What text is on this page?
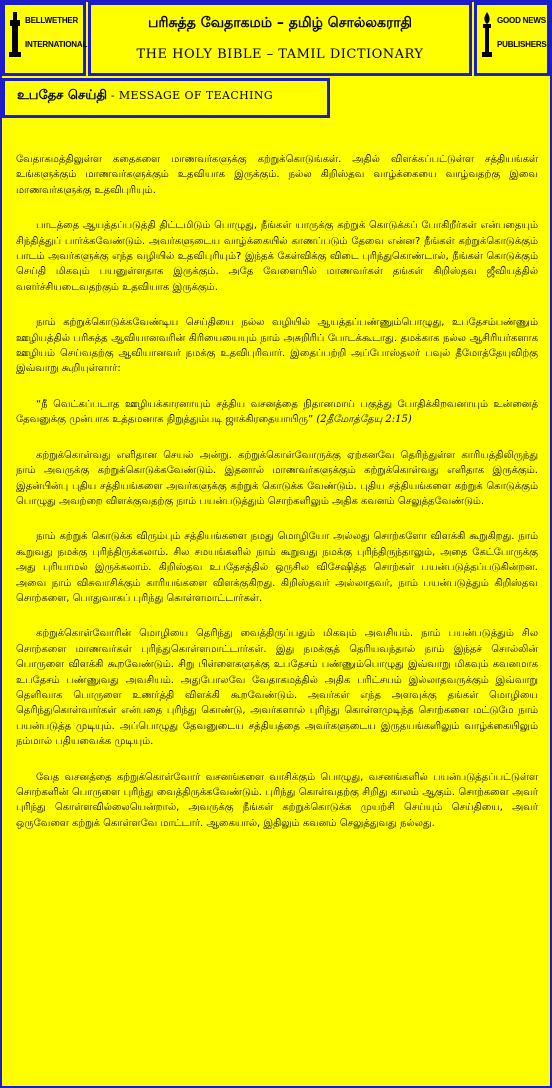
BELLWETHER
INTERNATIONAL
பரிசுத்த வேதாகமம் – தமிழ் சொல்லகராதி
THE HOLY BIBLE – TAMIL DICTIONARY
GOOD NEWS
PUBLISHERS
உபதேச செய்தி - MESSAGE OF TEACHING

வேதாகமத்திலுள்ள கதைகளை மாணவர்களுக்கு கற்றுக்கொடுங்கள். அதில் விளக்கப்பட்டுள்ள சத்தியங்கள் உங்களுக்கும் மாணவர்களுக்கும் உதவியாக இருக்கும். நல்ல கிறிஸ்தவ வாழ்க்கையை வாழ்வதற்கு இவை மாணவர்களுக்கு உதவிபுரியும்.

பாடத்தை ஆயத்தப்படுத்தி திட்டமிடும் பொழுது, நீங்கள் யாருக்கு கற்றுக் கொடுக்கப் போகிறீர்கள் என்பதையும் சிந்தித்துப் பார்க்கவேண்டும். அவர்களுடைய வாழ்க்கையில் காணப்படும் தேவை என்ன? நீங்கள் கற்றுக்கொடுக்கும் பாடம் அவர்களுக்கு எந்த வழியில் உதவிபுரியும்? இந்தக் கேள்விக்கு விடை புரிந்துகொண்டால், நீங்கள் கொடுக்கும் செய்தி மிகவும் பயனுள்ளதாக இருக்கும். அதே வேளையில் மாணவர்கள் தங்கள் கிறிஸ்தவ ஜீவியத்தில் வளர்ச்சியடைவதற்கும் உதவியாக இருக்கும்.

நாம் கற்றுக்கொடுக்கவேண்டிய செய்தியை நல்ல வழியில் ஆயத்தப்பண்ணும்பொழுது, உபதேசம்பண்ணும் ஊழியத்தில் பரிசுத்த ஆவியானவரின் கிரியையையும் நாம் அசுறிரிப் போடக்கூடாது. தமக்காக நல்ல ஆசிரியர்களாக ஊழியம் செய்வதற்கு ஆவியானவர் நமக்கு உதவிபுரிவார். இதைப்பற்றி அப்போஸ்தலர் பவுல் தீமோத்தேயுவிற்கு இவ்வாறு கூறியுள்ளார்:

“நீ வெட்கப்படாத ஊழியக்காரனாயும் சத்திய வசனத்தை நிதானமாய் பகுத்து போதிக்கிறவனாயும் உன்னைத் தேவனுக்கு முன்பாக உத்தமனாக நிறுத்தும்படி ஜாக்கிரதையாயிரு” (2தீமோத்தேயு 2:15)

கற்றுக்கொள்வது எளிதான செயல் அன்று. கற்றுக்கொள்வோருக்கு ஏற்கனவே தெரிந்துள்ள காரியத்திலிருந்து நாம் அவருக்கு கற்றுக்கொடுக்கவேண்டும். இதனால் மாணவர்களுக்கும் கற்றுக்கொள்வது எளிதாக இருக்கும். இதன்பின்பு புதிய சத்தியங்களை அவர்களுக்கு கற்றுக் கொடுக்க வேண்டும். புதிய சத்தியங்களை கற்றுக் கொடுக்கும் பொழுது அவற்றை விளக்குவதற்கு நாம் பயன்படுத்தும் சொற்களிலும் அதிக கவனம் செலுத்தவேண்டும்.

நாம் கற்றுக் கொடுக்க விரும்பும் சத்தியங்களை நமது மொழியோ அல்லது சொற்களோ விளக்கி கூறுகிறது. நாம் கூறுவது நமக்கு புரிந்திருக்கலாம். சில சமயங்களில் நாம் கூறுவது நமக்கு புரிந்திருந்தாலும், அதை கேட்போருக்கு அது புரியாமல் இருக்கலாம். கிறிஸ்தவ உபதேசத்தில் ஒருசில விசேஷித்த சொற்கள் பயன்படுத்தப்படுகின்றன. அவை நாம் விசுவாசிக்கும் காரியங்களை விளக்குகிறது. கிறிஸ்தவர் அல்லாதவர், நாம் பயன்படுத்தும் கிறிஸ்தவ சொற்களை, பொதுவாகப் புரிந்து கொள்ளமாட்டார்கள்.

கற்றுக்கொள்வோரின் மொழியை தெரிந்து வைத்திருப்பதும் மிகவும் அவசியம். நாம் பயன்படுத்தும் சில சொற்களை மாணவர்கள் புரிந்துகொள்ளமாட்டார்கள். இது நமக்குத் தெரியவந்தால் நாம் இந்தச் சொல்லின் பொருளை விளக்கி கூறவேண்டும். சிறு பிள்ளைகளுக்கு உபதேசம் பண்ணும்பொழுது இவ்வாறு மிகவும் கவனமாக உபதேசம் பண்ணுவது அவசியம். அதுபோலவே வேதாகமத்தில் அதிக பரிட்சயம் இல்லாதவருக்கும் இவ்வாறு தெளிவாக பொருளை உணர்த்தி விளக்கி கூறவேண்டும். அவர்கள் எந்த அளவுக்கு தங்கள் மொழியை தெரிந்துகொள்வார்கள் என்பதை புரிந்து கொண்டு, அவர்களால் புரிந்து கொள்ளமுடிந்த சொற்களை மட்டுமே நாம் பயன்படுத்த முடியும். அப்பொழுது தேவனுடைய சத்தியத்தை அவர்களுடைய இருதயங்களிலும் வாழ்க்கையிலும் நம்மால் பதியவைக்க முடியும்.

வேத வசனத்தை கற்றுக்கொள்வோர் வசனங்களை வாசிக்கும் பொழுது, வசனங்களில் பயன்படுத்தப்பட்டுள்ள சொற்களின் பொருளை புரிந்து வைத்திருக்கவேண்டும். புரிந்து கொள்வதற்கு சிறிது காலம் ஆகும். சொற்களை அவர் புரிந்து கொள்ளவில்லையென்றால், அவருக்கு நீங்கள் கற்றுக்கொடுக்க முயற்சி செய்யும் செய்தியை, அவர் ஒருவேளை கற்றுக் கொள்ளவே மாட்டார். ஆகையால், இதிலும் கவனம் செலுத்துவது நல்லது.
